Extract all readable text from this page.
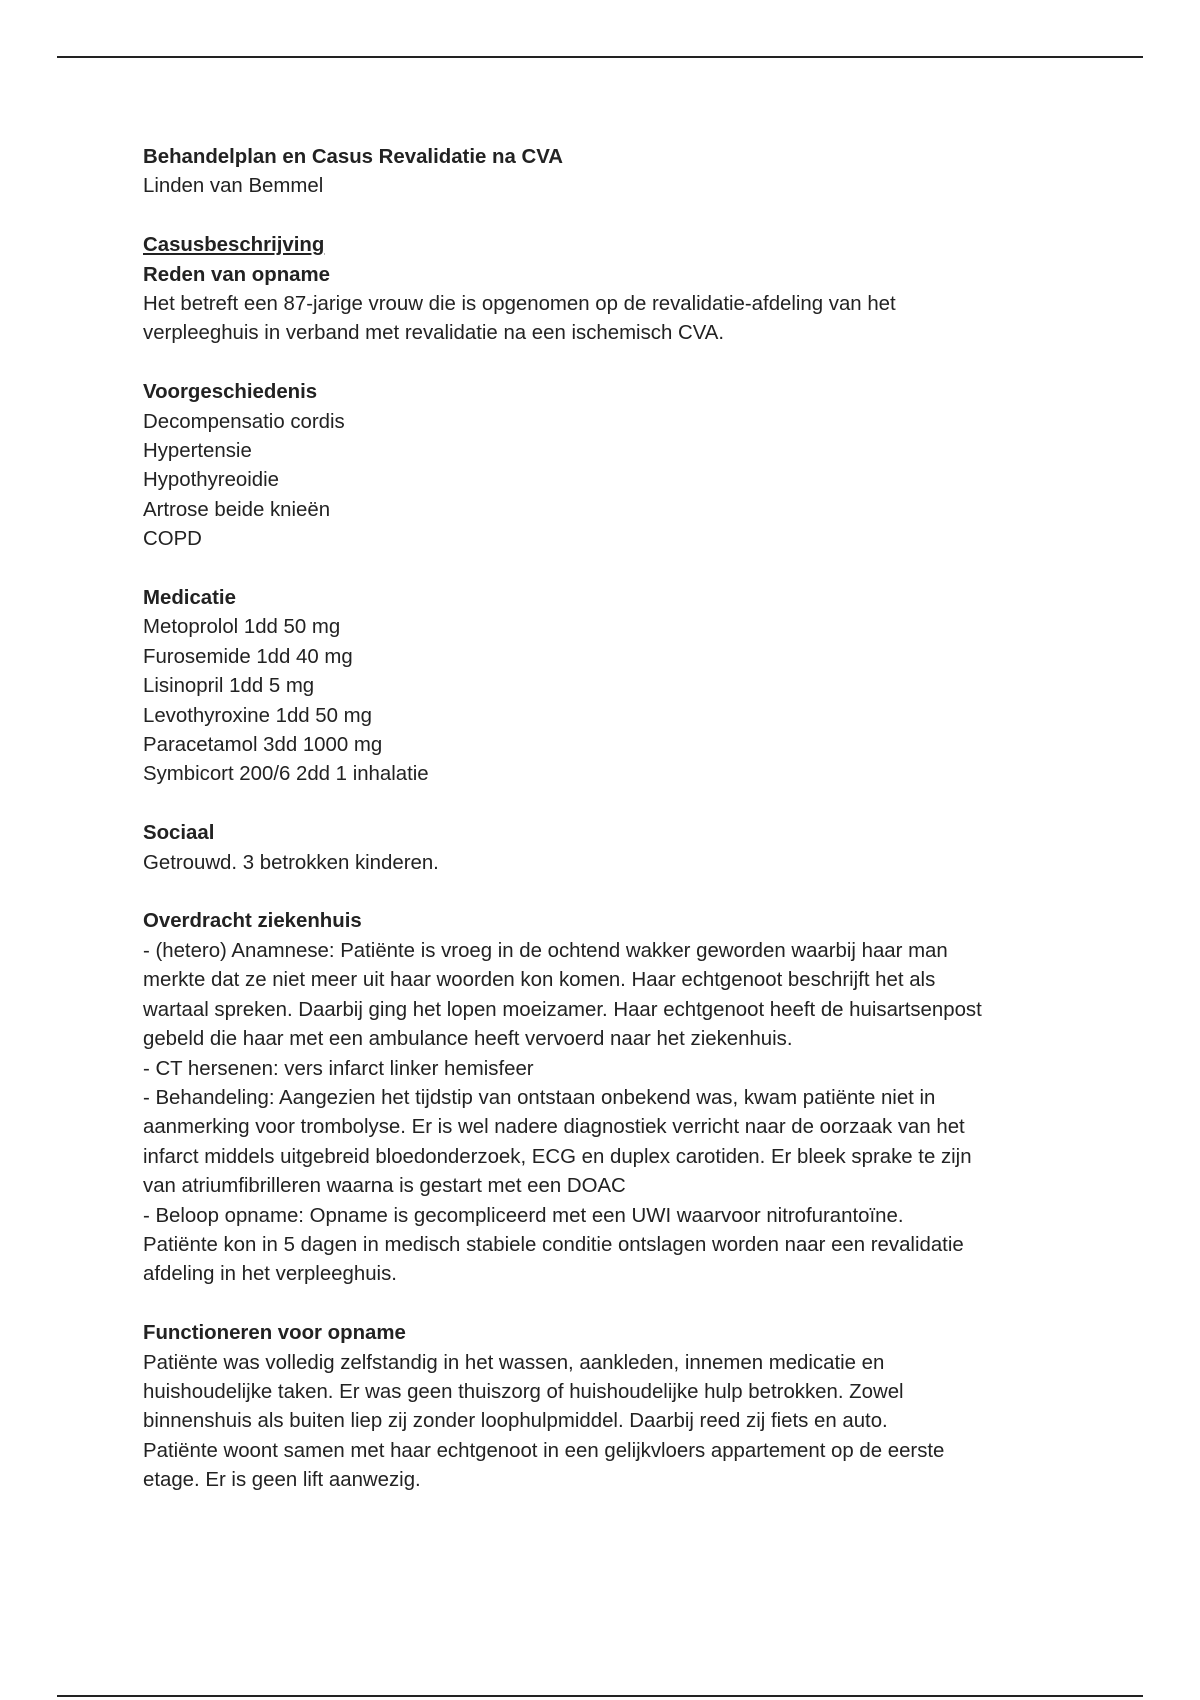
Behandelplan en Casus Revalidatie na CVA

Linden van Bemmel

Casusbeschrijving

Reden van opname

Het betreft een 87-jarige vrouw die is opgenomen op de revalidatie-afdeling van het

verpleeghuis in verband met revalidatie na een ischemisch CVA.

Voorgeschiedenis

Decompensatio cordis
Hypertensie
Hypothyreoidie
Artrose beide knieën
COPD

Medicatie

Metoprolol 1dd 50 mg
Furosemide 1dd 40 mg
Lisinopril 1dd 5 mg
Levothyroxine 1dd 50 mg
Paracetamol 3dd 1000 mg
Symbicort 200/6 2dd 1 inhalatie

Sociaal

Getrouwd. 3 betrokken kinderen.

Overdracht ziekenhuis

- (hetero) Anamnese: Patiënte is vroeg in de ochtend wakker geworden waarbij haar man

merkte dat ze niet meer uit haar woorden kon komen. Haar echtgenoot beschrijft het als

wartaal spreken. Daarbij ging het lopen moeizamer. Haar echtgenoot heeft de huisartsenpost

gebeld die haar met een ambulance heeft vervoerd naar het ziekenhuis.

- CT hersenen: vers infarct linker hemisfeer

- Behandeling: Aangezien het tijdstip van ontstaan onbekend was, kwam patiënte niet in

aanmerking voor trombolyse. Er is wel nadere diagnostiek verricht naar de oorzaak van het

infarct middels uitgebreid bloedonderzoek, ECG en duplex carotiden. Er bleek sprake te zijn

van atriumfibrilleren waarna is gestart met een DOAC

- Beloop opname: Opname is gecompliceerd met een UWI waarvoor nitrofurantoïne.

Patiënte kon in 5 dagen in medisch stabiele conditie ontslagen worden naar een revalidatie

afdeling in het verpleeghuis.

Functioneren voor opname

Patiënte was volledig zelfstandig in het wassen, aankleden, innemen medicatie en

huishoudelijke taken. Er was geen thuiszorg of huishoudelijke hulp betrokken. Zowel

binnenshuis als buiten liep zij zonder loophulpmiddel. Daarbij reed zij fiets en auto.

Patiënte woont samen met haar echtgenoot in een gelijkvloers appartement op de eerste

etage. Er is geen lift aanwezig.
